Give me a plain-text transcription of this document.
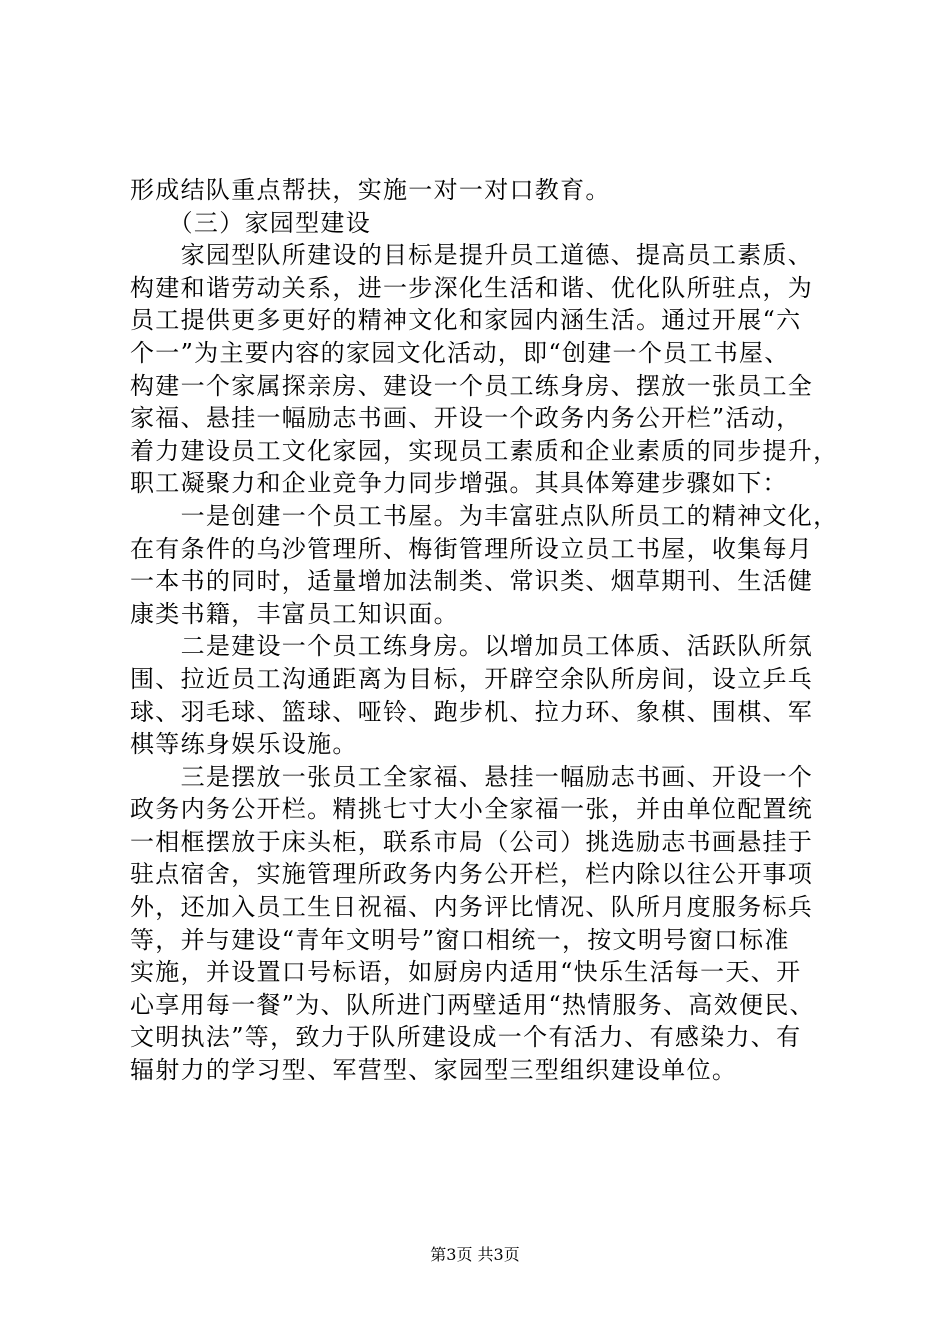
形成结队重点帮扶，实施一对一对口教育。
　　（三）家园型建设
　　家园型队所建设的目标是提升员工道德、提高员工素质、
构建和谐劳动关系，进一步深化生活和谐、优化队所驻点，为
员工提供更多更好的精神文化和家园内涵生活。通过开展“六
个一”为主要内容的家园文化活动，即“创建一个员工书屋、
构建一个家属探亲房、建设一个员工练身房、摆放一张员工全
家福、悬挂一幅励志书画、开设一个政务内务公开栏”活动，
着力建设员工文化家园，实现员工素质和企业素质的同步提升，
职工凝聚力和企业竞争力同步增强。其具体筹建步骤如下：
　　一是创建一个员工书屋。为丰富驻点队所员工的精神文化，
在有条件的乌沙管理所、梅街管理所设立员工书屋，收集每月
一本书的同时，适量增加法制类、常识类、烟草期刊、生活健
康类书籍，丰富员工知识面。
　　二是建设一个员工练身房。以增加员工体质、活跃队所氛
围、拉近员工沟通距离为目标，开辟空余队所房间，设立乒乓
球、羽毛球、篮球、哑铃、跑步机、拉力环、象棋、围棋、军
棋等练身娱乐设施。
　　三是摆放一张员工全家福、悬挂一幅励志书画、开设一个
政务内务公开栏。精挑七寸大小全家福一张，并由单位配置统
一相框摆放于床头柜，联系市局（公司）挑选励志书画悬挂于
驻点宿舍，实施管理所政务内务公开栏，栏内除以往公开事项
外，还加入员工生日祝福、内务评比情况、队所月度服务标兵
等，并与建设“青年文明号”窗口相统一，按文明号窗口标准
实施，并设置口号标语，如厨房内适用“快乐生活每一天、开
心享用每一餐”为、队所进门两壁适用“热情服务、高效便民、
文明执法”等，致力于队所建设成一个有活力、有感染力、有
辐射力的学习型、军营型、家园型三型组织建设单位。
第3页 共3页
